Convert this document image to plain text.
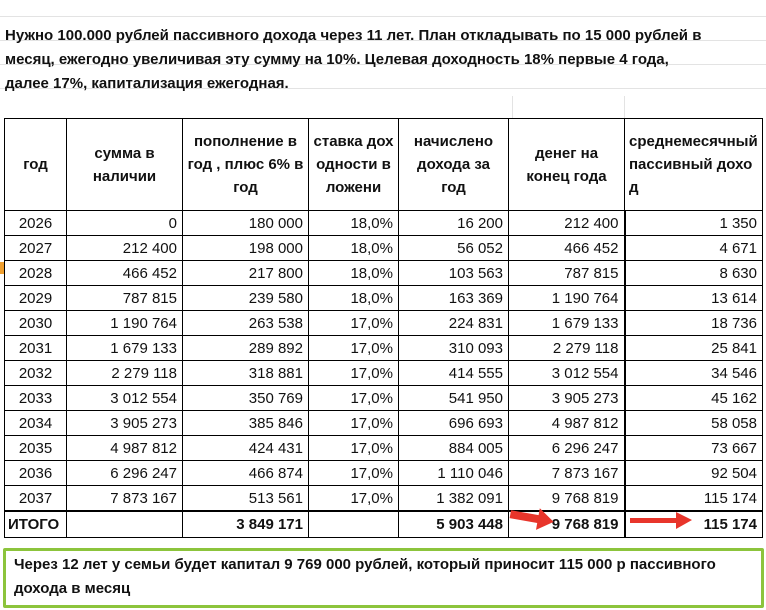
Нужно 100.000 рублей пассивного дохода через 11 лет. План откладывать по 15 000 рублей в месяц, ежегодно увеличивая эту сумму на 10%. Целевая доходность 18% первые 4 года, далее 17%, капитализация ежегодная.

год	сумма в наличии	пополнение в год , плюс 6% в год	ставка доходности вложени	начислено дохода за год	денег на конец года	среднемесячный пассивный доход

2026	0	180 000	18,0%	16 200	212 400	1 350
2027	212 400	198 000	18,0%	56 052	466 452	4 671
2028	466 452	217 800	18,0%	103 563	787 815	8 630
2029	787 815	239 580	18,0%	163 369	1 190 764	13 614
2030	1 190 764	263 538	17,0%	224 831	1 679 133	18 736
2031	1 679 133	289 892	17,0%	310 093	2 279 118	25 841
2032	2 279 118	318 881	17,0%	414 555	3 012 554	34 546
2033	3 012 554	350 769	17,0%	541 950	3 905 273	45 162
2034	3 905 273	385 846	17,0%	696 693	4 987 812	58 058
2035	4 987 812	424 431	17,0%	884 005	6 296 247	73 667
2036	6 296 247	466 874	17,0%	1 110 046	7 873 167	92 504
2037	7 873 167	513 561	17,0%	1 382 091	9 768 819	115 174
ИТОГО		3 849 171		5 903 448	9 768 819	115 174

Через 12 лет у семьи будет капитал 9 769 000 рублей, который приносит 115 000 р пассивного дохода в месяц
